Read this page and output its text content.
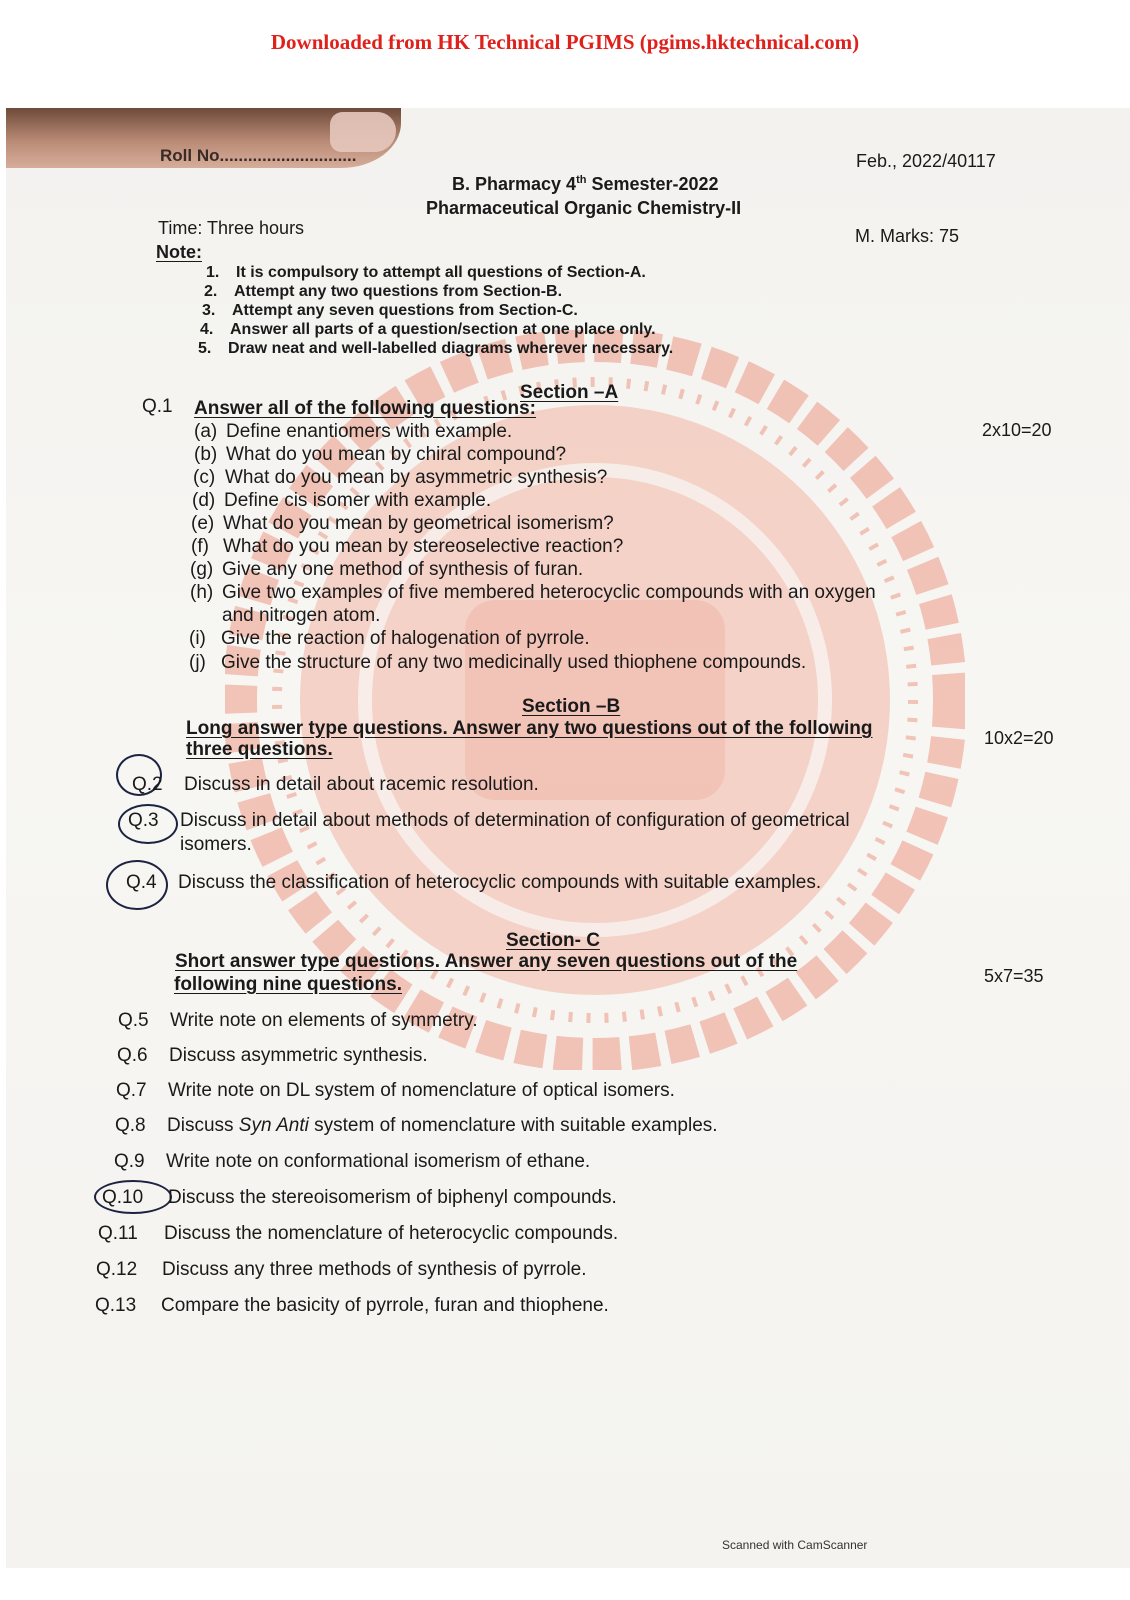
Downloaded from HK Technical PGIMS (pgims.hktechnical.com)
Roll No.............................	Feb., 2022/40117
B. Pharmacy 4th Semester-2022
Pharmaceutical Organic Chemistry-II
Time: Three hours	M. Marks: 75
Note:
1. It is compulsory to attempt all questions of Section-A.
2. Attempt any two questions from Section-B.
3. Attempt any seven questions from Section-C.
4. Answer all parts of a question/section at one place only.
5. Draw neat and well-labelled diagrams wherever necessary.
Section –A
Q.1 Answer all of the following questions:
2x10=20
(a) Define enantiomers with example.
(b) What do you mean by chiral compound?
(c) What do you mean by asymmetric synthesis?
(d) Define cis isomer with example.
(e) What do you mean by geometrical isomerism?
(f) What do you mean by stereoselective reaction?
(g) Give any one method of synthesis of furan.
(h) Give two examples of five membered heterocyclic compounds with an oxygen
and nitrogen atom.
(i) Give the reaction of halogenation of pyrrole.
(j) Give the structure of any two medicinally used thiophene compounds.
Section –B
Long answer type questions. Answer any two questions out of the following
three questions.
10x2=20
Q.2 Discuss in detail about racemic resolution.
Q.3 Discuss in detail about methods of determination of configuration of geometrical
isomers.
Q.4 Discuss the classification of heterocyclic compounds with suitable examples.
Section- C
Short answer type questions. Answer any seven questions out of the
following nine questions.	5x7=35
Q.5 Write note on elements of symmetry.
Q.6 Discuss asymmetric synthesis.
Q.7 Write note on DL system of nomenclature of optical isomers.
Q.8 Discuss Syn Anti system of nomenclature with suitable examples.
Q.9 Write note on conformational isomerism of ethane.
Q.10 Discuss the stereoisomerism of biphenyl compounds.
Q.11 Discuss the nomenclature of heterocyclic compounds.
Q.12 Discuss any three methods of synthesis of pyrrole.
Q.13 Compare the basicity of pyrrole, furan and thiophene.
Scanned with CamScanner
